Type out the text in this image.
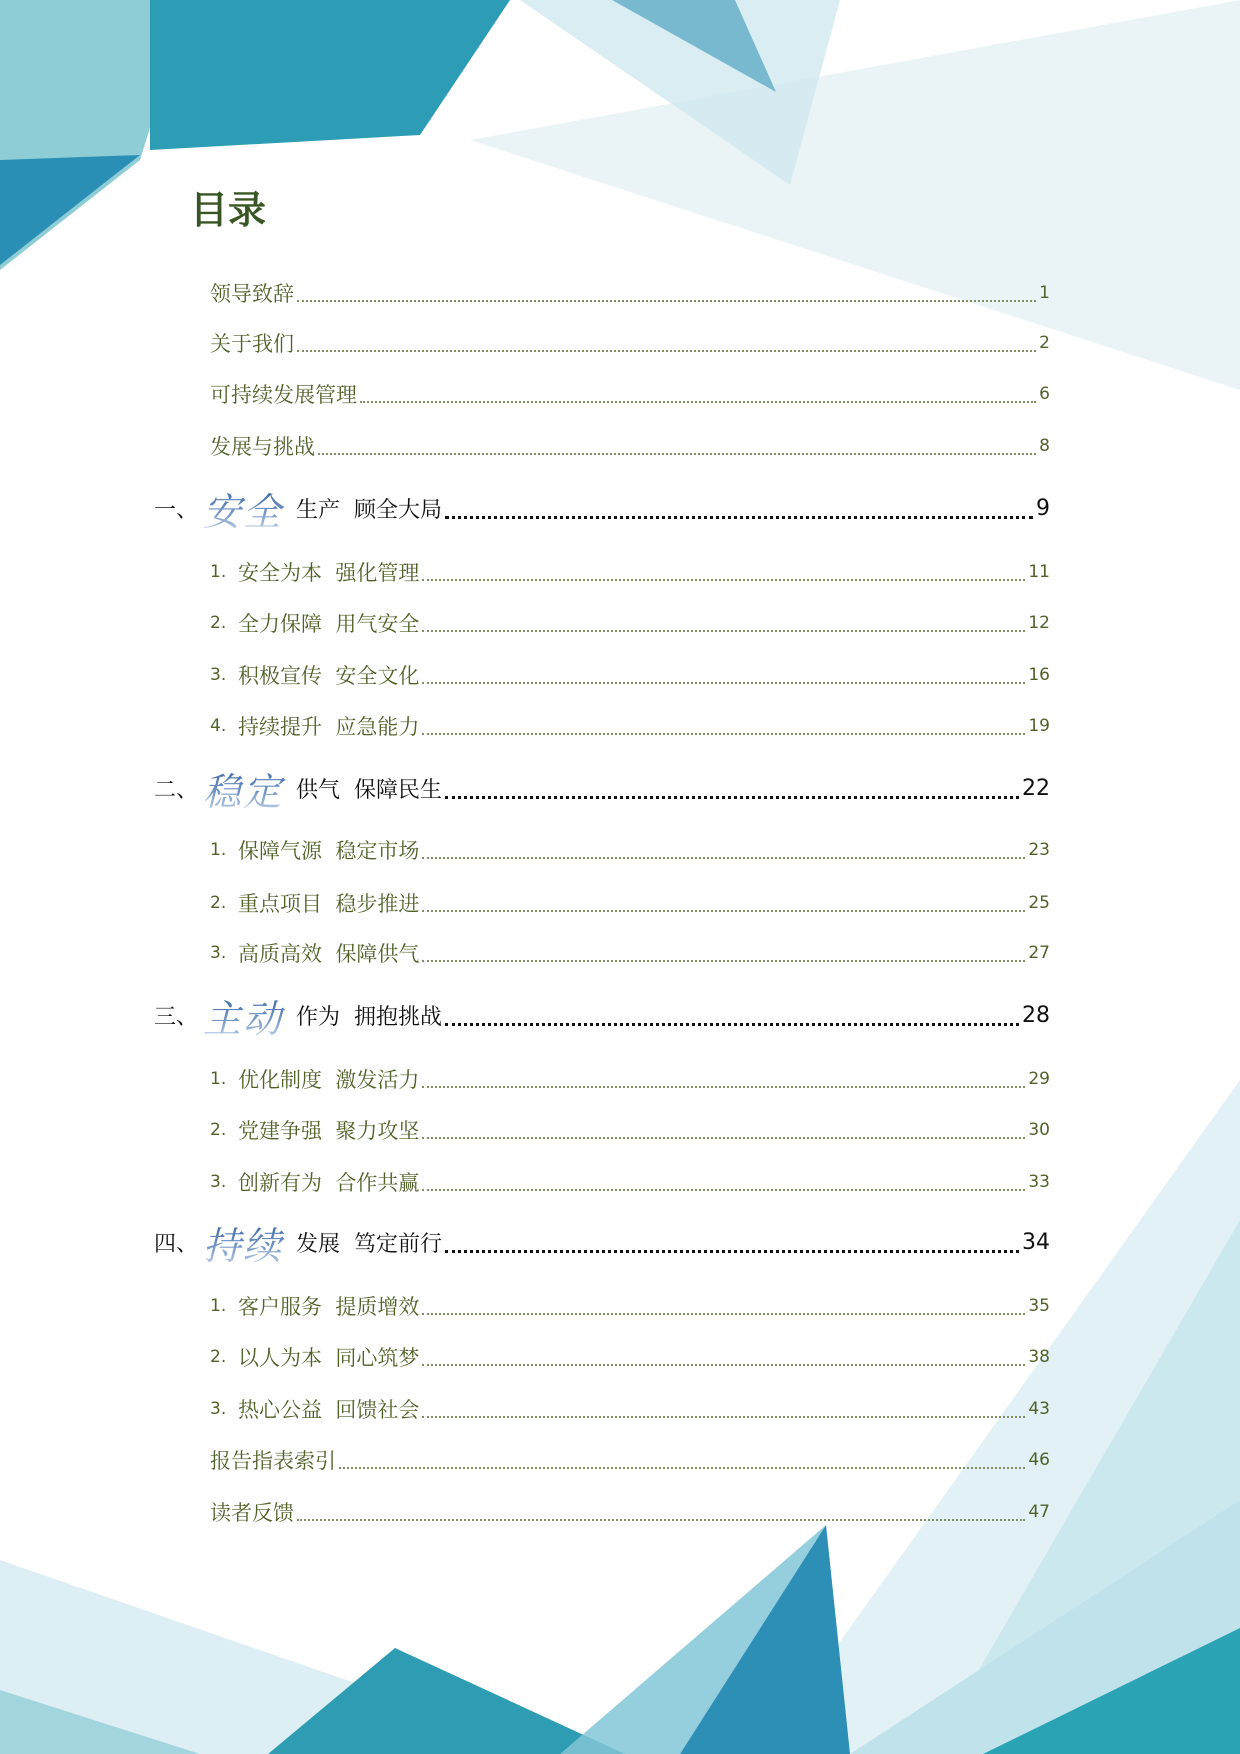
目录
领导致辞	1
关于我们	2
可持续发展管理	6
发展与挑战	8
一、 安全 生产  顾全大局	9
1. 安全为本  强化管理	11
2. 全力保障  用气安全	12
3. 积极宣传  安全文化	16
4. 持续提升  应急能力	19
二、 稳定 供气  保障民生	22
1. 保障气源  稳定市场	23
2. 重点项目  稳步推进	25
3. 高质高效  保障供气	27
三、 主动 作为  拥抱挑战	28
1. 优化制度  激发活力	29
2. 党建争强  聚力攻坚	30
3. 创新有为  合作共赢	33
四、 持续 发展  笃定前行	34
1. 客户服务  提质增效	35
2. 以人为本  同心筑梦	38
3. 热心公益  回馈社会	43
报告指表索引	46
读者反馈	47
